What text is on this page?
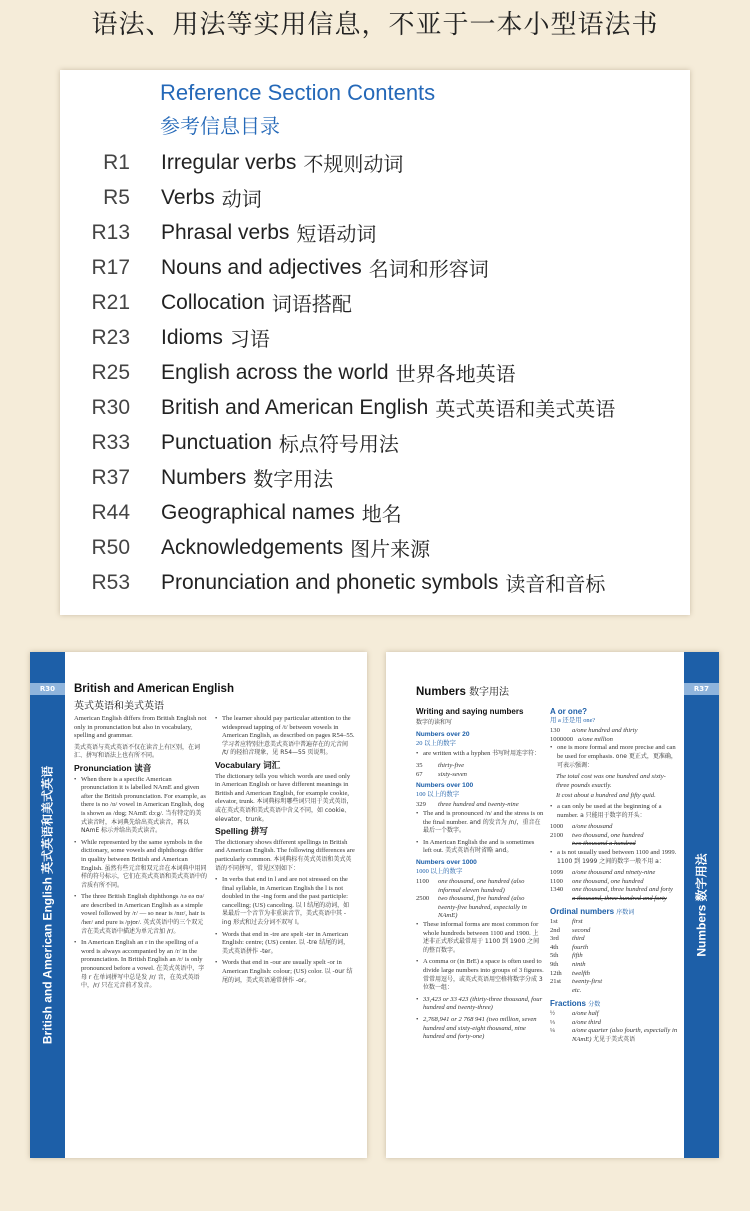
语法、用法等实用信息，不亚于一本小型语法书
Reference Section Contents
参考信息目录
R1 Irregular verbs 不规则动词
R5 Verbs 动词
R13 Phrasal verbs 短语动词
R17 Nouns and adjectives 名词和形容词
R21 Collocation 词语搭配
R23 Idioms 习语
R25 English across the world 世界各地英语
R30 British and American English 英式英语和美式英语
R33 Punctuation 标点符号用法
R37 Numbers 数字用法
R44 Geographical names 地名
R50 Acknowledgements 图片来源
R53 Pronunciation and phonetic symbols 读音和音标
R30
British and American English 英式英语和美式英语
British and American English
英式英语和美式英语

American English differs from British English not only in pronunciation but also in vocabulary, spelling and grammar.

美式英语与英式英语不仅在读音上有区别，在词汇、拼写和语法上也有所不同。

Pronunciation 读音
• When there is a specific American pronunciation it is labelled NAmE and given after the British pronunciation. For example, as there is no /ɒ/ vowel in American English, dog is shown as /dɒg; NAmE dɔːg/. 当有特定的美式读音时，本词典先给出英式读音，再以 NAmE 标示并给出美式读音。
• While represented by the same symbols in the dictionary, some vowels and diphthongs differ in quality between British and American English. 虽然有些元音和双元音在本词典中用同样的符号标示，它们在英式英语和美式英语中的音质有所不同。
• The three British English diphthongs /ɪə eə ʊə/ are described in American English as a simple vowel followed by /r/ — so near is /nɪr/, hair is /her/ and pure is /pjʊr/. 英式英语中的三个双元音在美式英语中描述为单元音加 /r/。
• In American English an r in the spelling of a word is always accompanied by an /r/ in the pronunciation. In British English an /r/ is only pronounced before a vowel. 在美式英语中，字母 r 在单词拼写中总是发 /r/ 音，在英式英语中，/r/ 只在元音前才发音。
• The learner should pay particular attention to the widespread tapping of /t/ between vowels in American English, as described on pages R54–55. 学习者应特别注意美式英语中普遍存在的元音间 /t/ 的轻拍音现象，见 R54—55 页说明。
Vocabulary 词汇

The dictionary tells you which words are used only in American English or have different meanings in British and American English, for example cookie, elevator, trunk. 本词典标明哪些词只用于美式英语，或在英式英语和美式英语中含义不同，如 cookie、elevator、trunk。

Spelling 拼写

The dictionary shows different spellings in British and American English. The following differences are particularly common. 本词典标有英式英语和美式英语的不同拼写，常见区别如下：

• In verbs that end in l and are not stressed on the final syllable, in American English the l is not doubled in the -ing form and the past participle: cancelling; (US) canceling. 以 l 结尾的动词，如果最后一个音节为非重读音节，美式英语中其 -ing 形式和过去分词不双写 l。
• Words that end in -tre are spelt -ter in American English: centre; (US) center. 以 -tre 结尾的词，美式英语拼作 -ter。
• Words that end in -our are usually spelt -or in American English: colour; (US) color. 以 -our 结尾的词，美式英语通常拼作 -or。
R37
Numbers 数字用法
Numbers 数字用法
Writing and saying numbers
数字的读和写
Numbers over 20
20 以上的数字
• are written with a hyphen 书写时用连字符：
35	thirty-five
67	sixty-seven
Numbers over 100
100 以上的数字
329	three hundred and twenty-nine
• The and is pronounced /n/ and the stress is on the final number. and 的发音为 /n/，重音在最后一个数字。
• In American English the and is sometimes left out. 美式英语有时省略 and。
Numbers over 1000
1000 以上的数字
1100	one thousand, one hundred (also informal eleven hundred)
2500	two thousand, five hundred (also twenty-five hundred, especially in NAmE)
• These informal forms are most common for whole hundreds between 1100 and 1900. 上述非正式形式最常用于 1100 到 1900 之间的整百数字。
• A comma or (in BrE) a space is often used to divide large numbers into groups of 3 figures. 常常用逗号，或英式英语用空格将数字分成 3 位数一组：
• 33,423 or 33 423 (thirty-three thousand, four hundred and twenty-three)
• 2,768,941 or 2 768 941 (two million, seven hundred and sixty-eight thousand, nine hundred and forty-one)
A or one?
用 a 还是用 one?
130	a/one hundred and thirty
1000000 a/one million
• one is more formal and more precise and can be used for emphasis. one 更正式，更准确，可表示强调：
The total cost was one hundred and sixty-three pounds exactly.
It cost about a hundred and fifty quid.
• a can only be used at the beginning of a number. a 只能用于数字的开头：
1000	a/one thousand
2100	two thousand, one hundred
two thousand a hundred
• a is not usually used between 1100 and 1999. 1100 到 1999 之间的数字一般不用 a：
1099	a/one thousand and ninety-nine
1100	one thousand, one hundred
1340	one thousand, three hundred and forty
a thousand, three hundred and forty
Ordinal numbers 序数词
1st	first
2nd	second
3rd	third
4th	fourth
5th	fifth
9th	ninth
12th	twelfth
21st	twenty-first
etc.
Fractions 分数
½	a/one half
⅓	a/one third
¼	a/one quarter (also fourth, especially in NAmE) 尤见于美式英语
